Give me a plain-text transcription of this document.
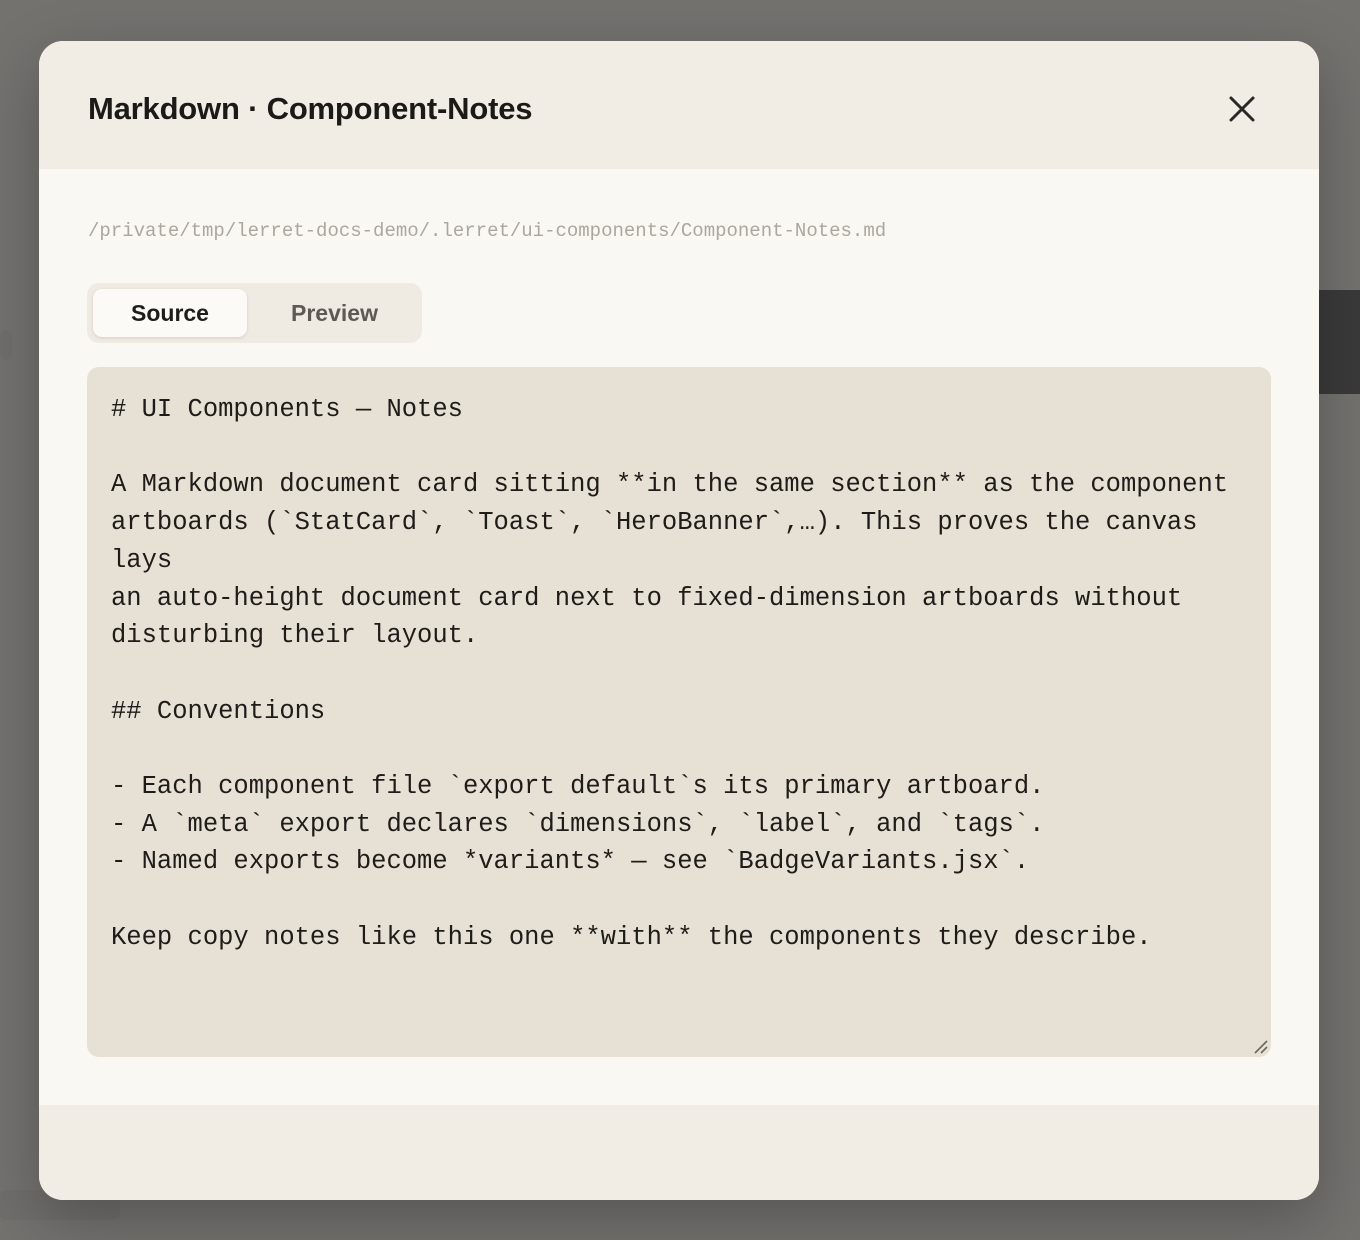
Markdown · Component-Notes
/private/tmp/lerret-docs-demo/.lerret/ui-components/Component-Notes.md
Source	Preview
# UI Components — Notes

A Markdown document card sitting **in the same section** as the component
artboards (`StatCard`, `Toast`, `HeroBanner`,…). This proves the canvas lays
an auto-height document card next to fixed-dimension artboards without
disturbing their layout.

## Conventions

- Each component file `export default`s its primary artboard.
- A `meta` export declares `dimensions`, `label`, and `tags`.
- Named exports become *variants* — see `BadgeVariants.jsx`.

Keep copy notes like this one **with** the components they describe.
